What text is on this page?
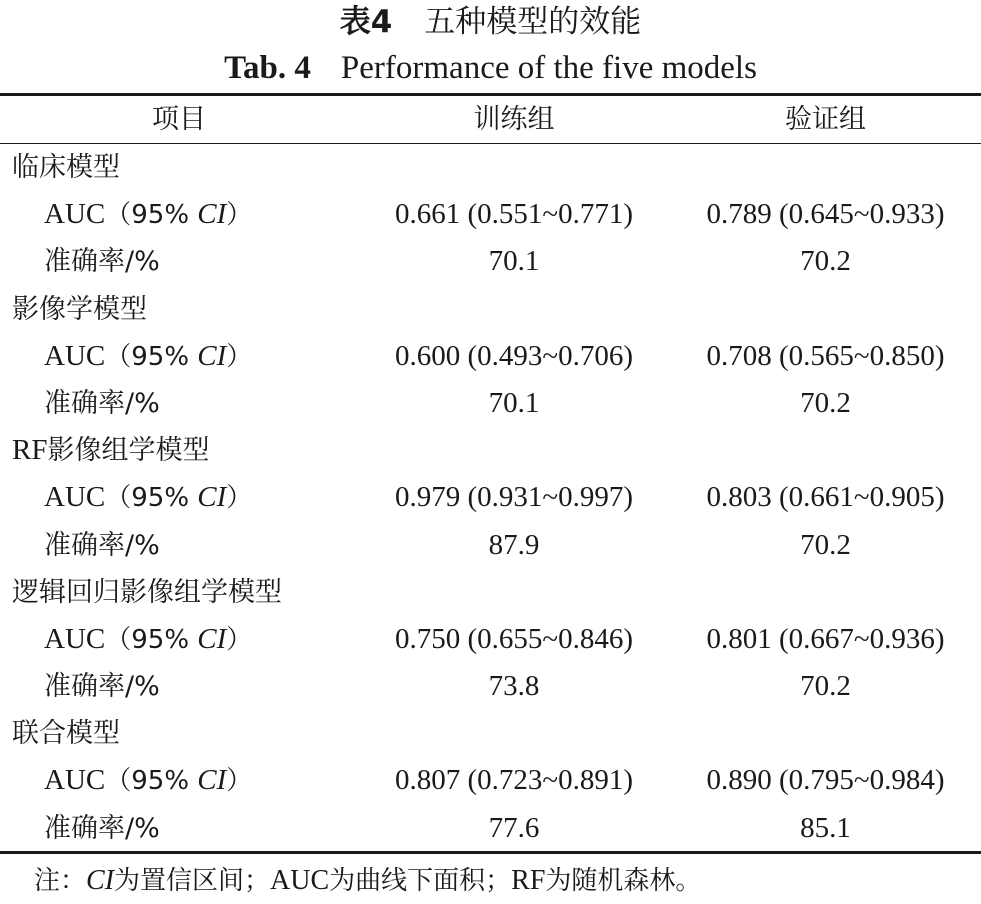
表4 五种模型的效能
Tab. 4 Performance of the five models
项目	训练组	验证组
临床模型
AUC（95% CI）	0.661 (0.551~0.771)	0.789 (0.645~0.933)
准确率/%	70.1	70.2
影像学模型
AUC（95% CI）	0.600 (0.493~0.706)	0.708 (0.565~0.850)
准确率/%	70.1	70.2
RF影像组学模型
AUC（95% CI）	0.979 (0.931~0.997)	0.803 (0.661~0.905)
准确率/%	87.9	70.2
逻辑回归影像组学模型
AUC（95% CI）	0.750 (0.655~0.846)	0.801 (0.667~0.936)
准确率/%	73.8	70.2
联合模型
AUC（95% CI）	0.807 (0.723~0.891)	0.890 (0.795~0.984)
准确率/%	77.6	85.1
注：CI为置信区间；AUC为曲线下面积；RF为随机森林。
